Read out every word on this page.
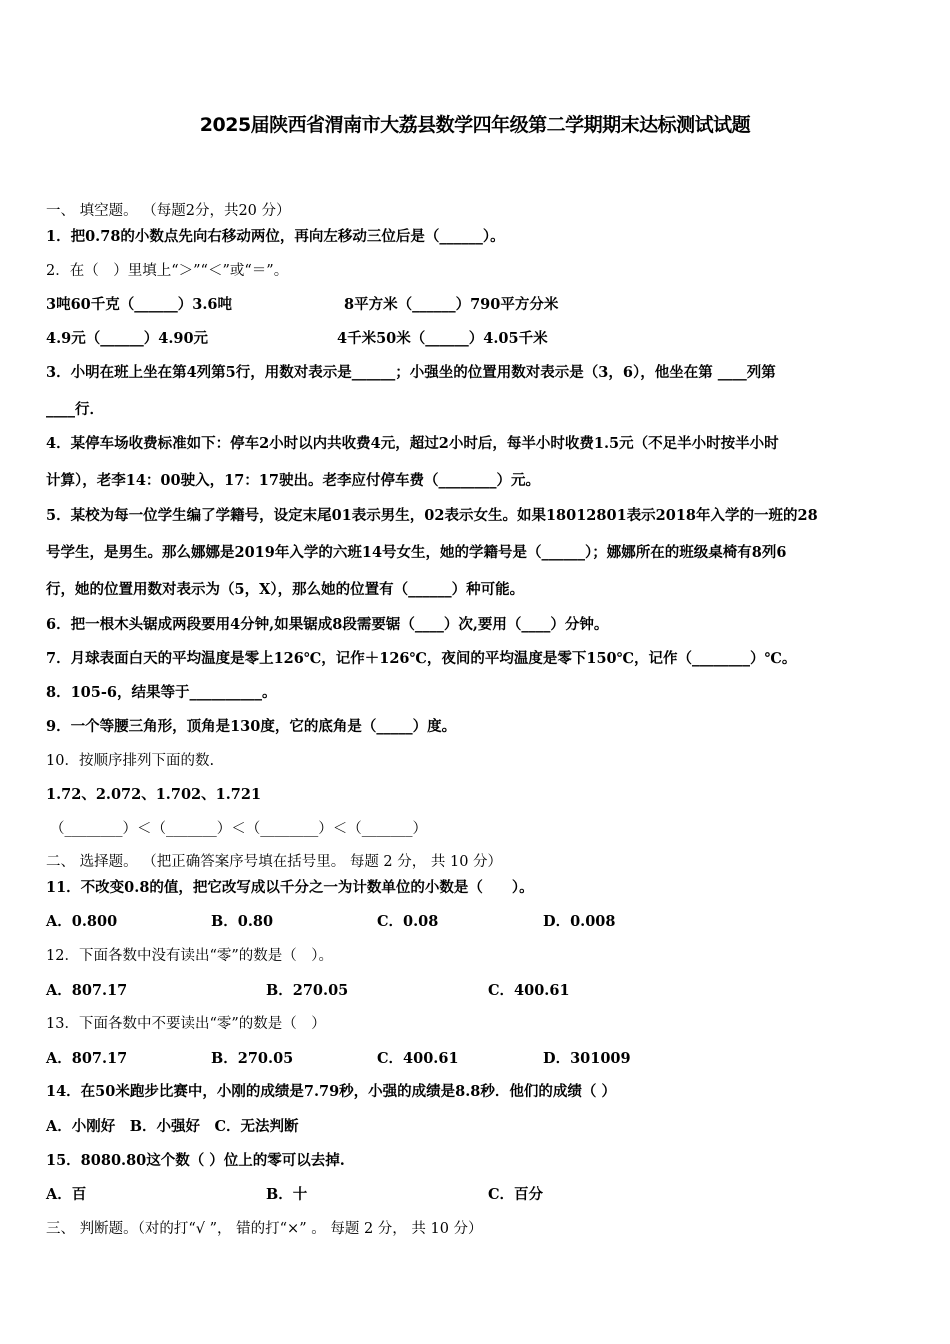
2025届陕西省渭南市大荔县数学四年级第二学期期末达标测试试题
一、 填空题。 （每题2分，共20 分）
1．把0.78的小数点先向右移动两位，再向左移动三位后是（______）。
2．在（　）里填上“＞”“＜”或“＝”。
3吨60千克（______）3.6吨	8平方米（______）790平方分米
4.9元（______）4.90元	4千米50米（______）4.05千米
3．小明在班上坐在第4列第5行，用数对表示是______；小强坐的位置用数对表示是（3，6），他坐在第 ____列第
____行．
4．某停车场收费标准如下：停车2小时以内共收费4元，超过2小时后，每半小时收费1.5元（不足半小时按半小时
计算），老李14：00驶入，17：17驶出。老李应付停车费（________）元。
5．某校为每一位学生编了学籍号，设定末尾01表示男生，02表示女生。如果18012801表示2018年入学的一班的28
号学生，是男生。那么娜娜是2019年入学的六班14号女生，她的学籍号是（______）；娜娜所在的班级桌椅有8列6
行，她的位置用数对表示为（5，X），那么她的位置有（______）种可能。
6．把一根木头锯成两段要用4分钟,如果锯成8段需要锯（____）次,要用（____）分钟。
7．月球表面白天的平均温度是零上126℃，记作＋126℃，夜间的平均温度是零下150℃，记作（________）℃。
8．105-6，结果等于__________。
9．一个等腰三角形，顶角是130度，它的底角是（_____）度。
10．按顺序排列下面的数.
1.72、2.072、1.702、1.721
（________）＜（_______）＜（________）＜（_______）
二、 选择题。 （把正确答案序号填在括号里。 每题 2 分， 共 10 分）
11．不改变0.8的值，把它改写成以千分之一为计数单位的小数是（　　）。
A．0.800	B．0.80	C．0.08	D．0.008
12．下面各数中没有读出“零”的数是（　）。
A．807.17	B．270.05	C．400.61
13．下面各数中不要读出“零”的数是（　）
A．807.17	B．270.05	C．400.61	D．301009
14．在50米跑步比赛中，小刚的成绩是7.79秒，小强的成绩是8.8秒．他们的成绩（ ）
A．小刚好　B．小强好　C．无法判断
15．8080.80这个数（ ）位上的零可以去掉.
A．百	B．十	C．百分
三、 判断题。（对的打“√ ”， 错的打“×” 。 每题 2 分， 共 10 分）
